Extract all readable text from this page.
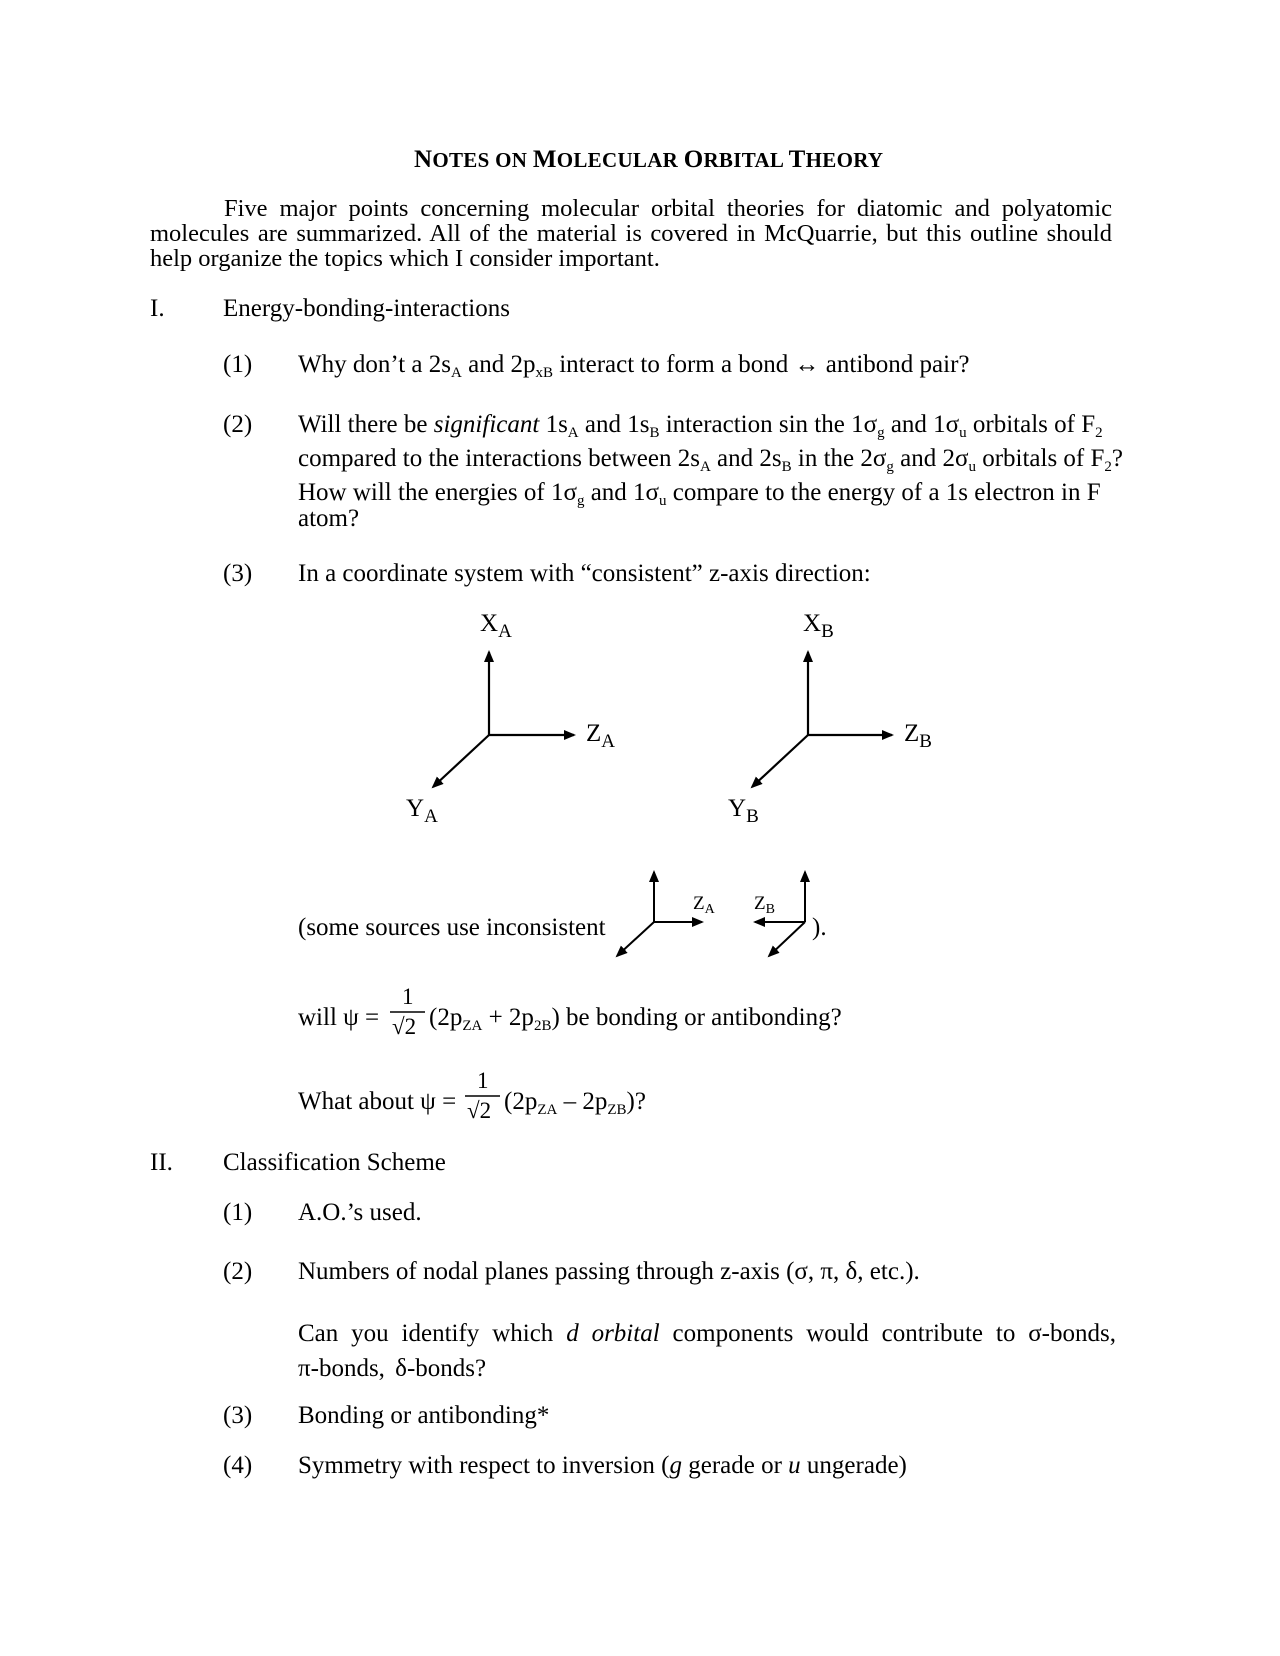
NOTES ON MOLECULAR ORBITAL THEORY
Five major points concerning molecular orbital theories for diatomic and polyatomic molecules are summarized. All of the material is covered in McQuarrie, but this outline should help organize the topics which I consider important.
I. Energy-bonding-interactions
(1) Why don’t a $2s_A$ and $2p_{xB}$ interact to form a bond ↔ antibond pair?
(2) Will there be significant $1s_A$ and $1s_B$ interaction sin the $1\sigma_g$ and $1\sigma_u$ orbitals of $F_2$
compared to the interactions between $2s_A$ and $2s_B$ in the $2\sigma_g$ and $2\sigma_u$ orbitals of $F_2$?
How will the energies of $1\sigma_g$ and $1\sigma_u$ compare to the energy of a 1s electron in F
atom?
(3) In a coordinate system with “consistent” z-axis direction:
$X_A$
$Z_A$
$Y_A$
$X_B$
$Z_B$
$Y_B$
(some sources use inconsistent
$Z_A$ $Z_B$
).
will ψ =
1
√2 $(2p_{ZA} + 2p_{2B})$ be bonding or antibonding?
What about ψ =
1
√2 $(2p_{ZA} - 2p_{ZB})$?
II. Classification Scheme
(1) A.O.’s used.
(2) Numbers of nodal planes passing through z-axis (σ, π, δ, etc.).
Can you identify which d orbital components would contribute to σ-bonds, π-bonds, δ-bonds?
(3) Bonding or antibonding*
(4) Symmetry with respect to inversion (g gerade or u ungerade)
